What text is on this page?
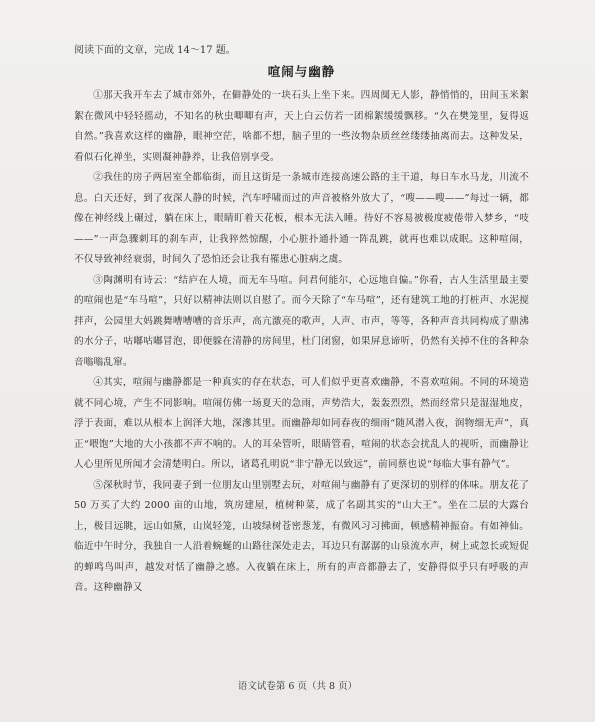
阅读下面的文章，完成 14～17 题。

喧闹与幽静

①那天我开车去了城市郊外，在僻静处的一块石头上坐下来。四周阒无人影，静悄悄的，田间玉米絮絮在微风中轻轻摇动，不知名的秋虫唧唧有声，天上白云仿若一团棉絮缓缓飘移。“久在樊笼里，复得返自然。”我喜欢这样的幽静，眼神空茫，啥都不想，脑子里的一些汝物杂质丝丝缕缕抽离而去。这种发呆，看似石化禅坐，实则凝神静养，让我倍别享受。

②我住的房子两居室全都临街，而且这街是一条城市连接高速公路的主干道，每日车水马龙，川流不息。白天还好，到了夜深人静的时候，汽车呼啸而过的声音被格外放大了，“嗖——嗖——”每过一辆，都像在神经线上碾过，躺在床上，眼睛盯着天花板，根本无法入睡。待好不容易被极度疲倦带入梦乡，“吱——”一声急骤刺耳的刹车声，让我猝然惊醒，小心脏扑通扑通一阵乱跳，就再也难以成眠。这种喧闹，不仅导致神经衰弱，时间久了恐怕还会让我有罹患心脏病之虞。

③陶渊明有诗云：“结庐在人境，而无车马喧。问君何能尔，心远地自偏。”你看，古人生活里最主要的喧闹也是“车马喧”，只好以精神法则以自慰了。而今天除了“车马喧”，还有建筑工地的打桩声、水泥搅拌声，公园里大妈跳舞嘈嘈嘈的音乐声，高亢激亮的歌声，人声、市声，等等，各种声音共同构成了鼎沸的水分子，咕嘟咕嘟冒泡，即便躲在清静的房间里，杜门闭窗，如果屏息谛听，仍然有关掉不住的各种杂音嗡嗡乱窜。

④其实，喧闹与幽静都是一种真实的存在状态，可人们似乎更喜欢幽静，不喜欢喧闹。不同的环境造就不同心境，产生不同影响。喧闹仿佛一场夏天的急雨，声势浩大，轰轰烈烈，然而经常只是湿湿地皮，浮于表面，难以从根本上润泽大地，深滲其里。而幽静却如同春夜的细雨“随风潜入夜，润物细无声”，真正“喂饱”大地的大小孩都不声不响的。人的耳朵管听，眼睛管看，喧闹的状态会扰乱人的视听，而幽静让人心里所见所闻才会清楚明白。所以，诸葛孔明说“非宁静无以致远”，前同蔡也说“每临大事有静气”。

⑤深秋时节，我同妻子到一位朋友山里别墅去玩，对喧闹与幽静有了更深切的别样的体味。朋友花了 50 万买了大约 2000 亩的山地，筑房建屋，植树种菜，成了名副其实的“山大王”。坐在二层的大露台上，极目远眺，远山如黛，山岚轻笼，山坡绿树苍密葱茏，有微风习习拂面，顿感精神振奋。有如神仙。临近中午时分，我独自一人沿着蜿蜒的山路往深处走去，耳边只有潺潺的山泉流水声，树上或忽长或短促的蝉鸣鸟叫声，越发对恬了幽静之感。入夜躺在床上，所有的声音都静去了，安静得似乎只有呼吸的声音。这种幽静又

语文试卷第 6 页（共 8 页）
